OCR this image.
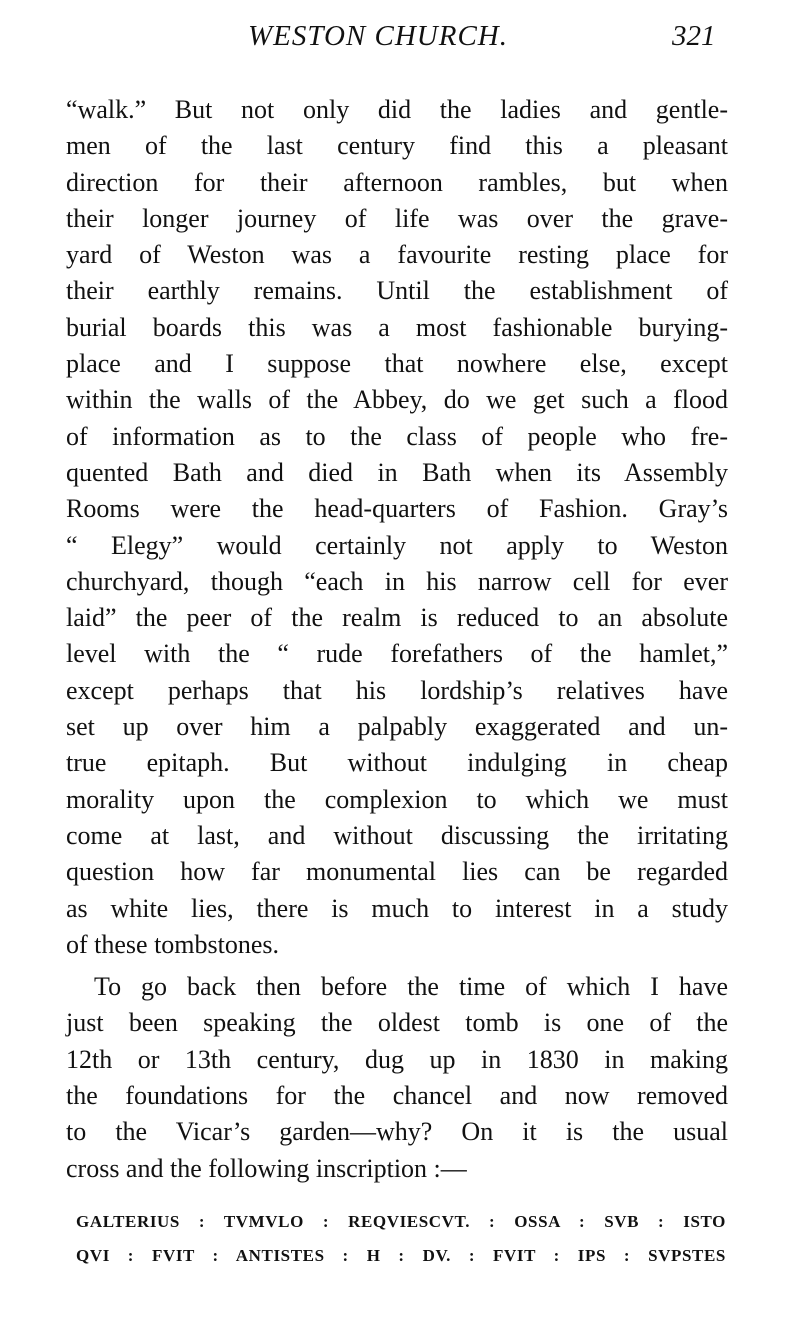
WESTON CHURCH.	321
“walk.” But not only did the ladies and gentle-
men of the last century find this a pleasant
direction for their afternoon rambles, but when
their longer journey of life was over the grave-
yard of Weston was a favourite resting place for
their earthly remains. Until the establishment of
burial boards this was a most fashionable burying-
place and I suppose that nowhere else, except
within the walls of the Abbey, do we get such a flood
of information as to the class of people who fre-
quented Bath and died in Bath when its Assembly
Rooms were the head-quarters of Fashion. Gray’s
“ Elegy” would certainly not apply to Weston
churchyard, though “each in his narrow cell for ever
laid” the peer of the realm is reduced to an absolute
level with the “ rude forefathers of the hamlet,”
except perhaps that his lordship’s relatives have
set up over him a palpably exaggerated and un-
true epitaph. But without indulging in cheap
morality upon the complexion to which we must
come at last, and without discussing the irritating
question how far monumental lies can be regarded
as white lies, there is much to interest in a study
of these tombstones.
To go back then before the time of which I have
just been speaking the oldest tomb is one of the
12th or 13th century, dug up in 1830 in making
the foundations for the chancel and now removed
to the Vicar’s garden—why? On it is the usual
cross and the following inscription :—
GALTERIUS : TVMVLO : REQVIESCVT. : OSSA : SVB : ISTO
QVI : FVIT : ANTISTES : H : DV. : FVIT : IPS : SVPSTES
